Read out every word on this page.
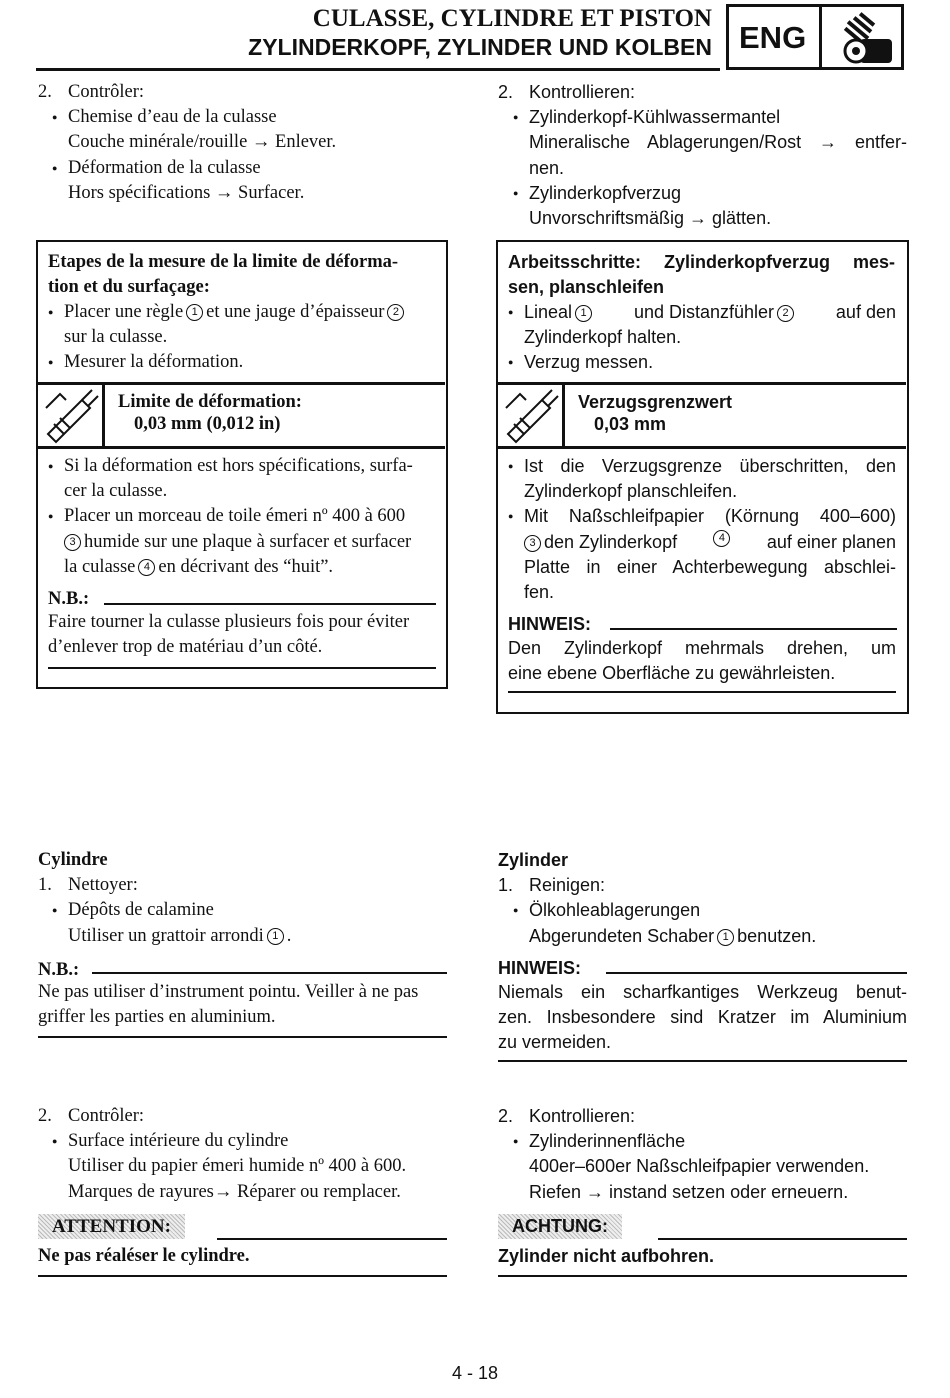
CULASSE, CYLINDRE ET PISTON
ZYLINDERKOPF, ZYLINDER UND KOLBEN ENG
2. Contrôler:
● Chemise d’eau de la culasse
Couche minérale/rouille → Enlever.
● Déformation de la culasse
Hors spécifications → Surfacer.
Etapes de la mesure de la limite de déforma-
tion et du surfaçage:
● Placer une règle 1 et une jauge d’épaisseur 2
sur la culasse.
● Mesurer la déformation.
Limite de déformation:
0,03 mm (0,012 in)
● Si la déformation est hors spécifications, surfa-
cer la culasse.
● Placer un morceau de toile émeri nº 400 à 600
3 humide sur une plaque à surfacer et surfacer
la culasse 4 en décrivant des “huit”.
N.B.:
Faire tourner la culasse plusieurs fois pour éviter
d’enlever trop de matériau d’un côté.
2. Kontrollieren:
● Zylinderkopf-Kühlwassermantel
Mineralische Ablagerungen/Rost → entfer-
nen.
● Zylinderkopfverzug
Unvorschriftsmäßig → glätten.
Arbeitsschritte: Zylinderkopfverzug mes-
sen, planschleifen
● Lineal 1	und Distanzfühler 2	auf den
Zylinderkopf halten.
● Verzug messen.
Verzugsgrenzwert
0,03 mm
● Ist die Verzugsgrenze überschritten, den
Zylinderkopf planschleifen.
● Mit Naßschleifpapier (Körnung 400–600)
3 den Zylinderkopf	4	auf einer planen
Platte in einer Achterbewegung abschlei-
fen.
HINWEIS:
Den Zylinderkopf mehrmals drehen, um
eine ebene Oberfläche zu gewährleisten.
Cylindre
1. Nettoyer:
● Dépôts de calamine
Utiliser un grattoir arrondi 1 .
N.B.:
Ne pas utiliser d’instrument pointu. Veiller à ne pas
griffer les parties en aluminium.
2. Contrôler:
● Surface intérieure du cylindre
Utiliser du papier émeri humide nº 400 à 600.
Marques de rayures→ Réparer ou remplacer.
ATTENTION:
Ne pas réaléser le cylindre.
Zylinder
1. Reinigen:
● Ölkohleablagerungen
Abgerundeten Schaber 1 benutzen.
HINWEIS:
Niemals ein scharfkantiges Werkzeug benut-
zen. Insbesondere sind Kratzer im Aluminium
zu vermeiden.
2. Kontrollieren:
● Zylinderinnenfläche
400er–600er Naßschleifpapier verwenden.
Riefen → instand setzen oder erneuern.
ACHTUNG:
Zylinder nicht aufbohren.
4 - 18
